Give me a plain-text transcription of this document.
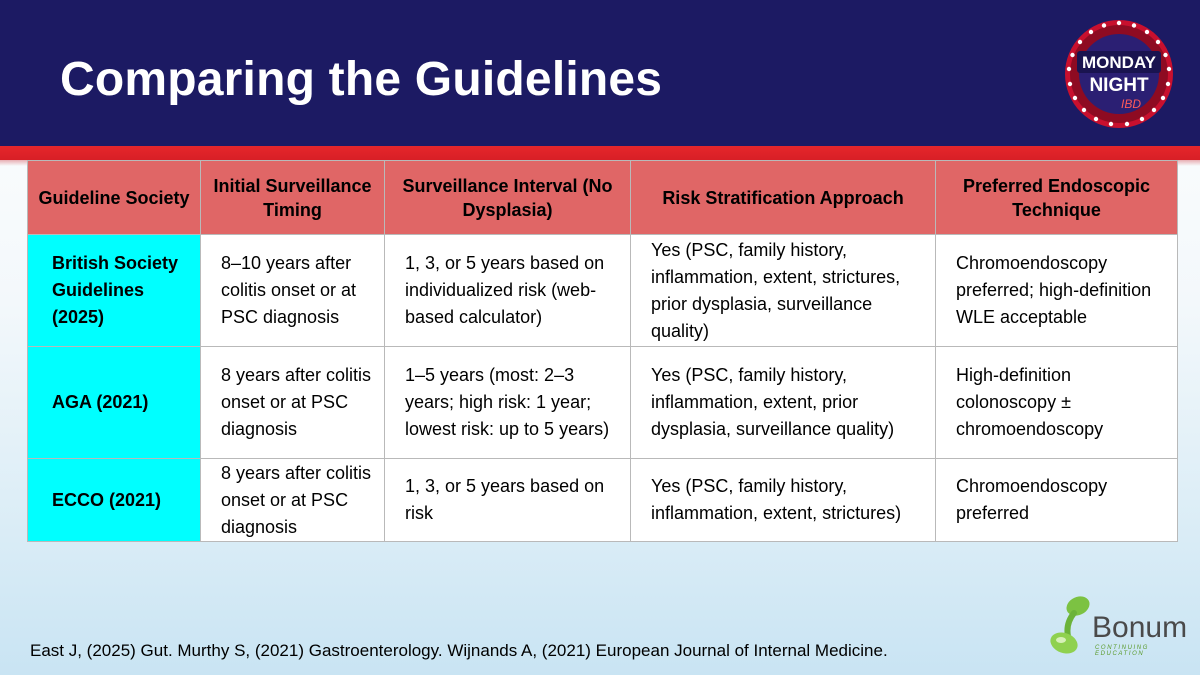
Comparing the Guidelines	MONDAY
NIGHT
IBD
Guideline Society	Initial Surveillance Timing	Surveillance Interval (No Dysplasia)	Risk Stratification Approach	Preferred Endoscopic Technique
British Society Guidelines (2025)	8–10 years after colitis onset or at PSC diagnosis	1, 3, or 5 years based on individualized risk (web-based calculator)	Yes (PSC, family history, inflammation, extent, strictures, prior dysplasia, surveillance quality)	Chromoendoscopy preferred; high-definition WLE acceptable
AGA (2021)	8 years after colitis onset or at PSC diagnosis	1–5 years (most: 2–3 years; high risk: 1 year; lowest risk: up to 5 years)	Yes (PSC, family history, inflammation, extent, prior dysplasia, surveillance quality)	High-definition colonoscopy ± chromoendoscopy
ECCO (2021)	8 years after colitis onset or at PSC diagnosis	1, 3, or 5 years based on risk	Yes (PSC, family history, inflammation, extent, strictures)	Chromoendoscopy preferred

East J, (2025) Gut. Murthy S, (2021) Gastroenterology. Wijnands A, (2021) European Journal of Internal Medicine.

Bonum
CONTINUING EDUCATION
